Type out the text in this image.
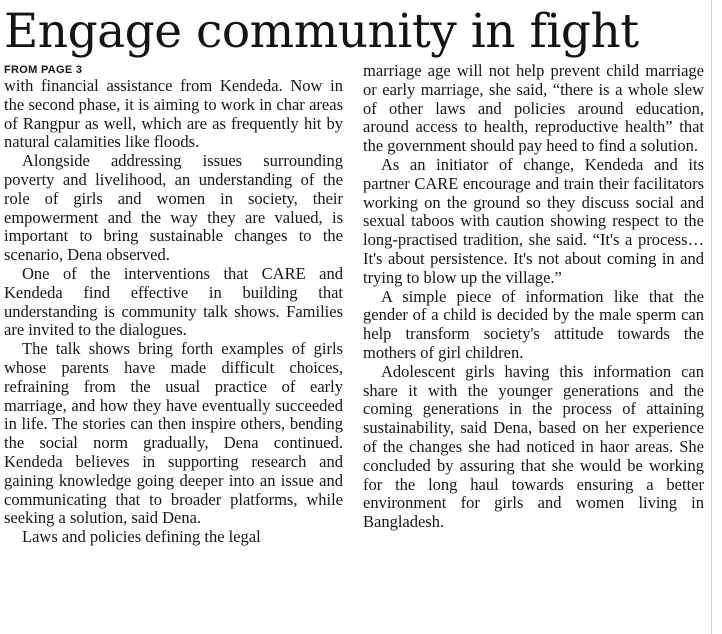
Engage community in fight
FROM PAGE 3

with financial assistance from Kendeda. Now in the second phase, it is aiming to work in char areas of Rangpur as well, which are as frequently hit by natural calamities like floods.

Alongside addressing issues surrounding poverty and livelihood, an understanding of the role of girls and women in society, their empowerment and the way they are valued, is important to bring sustainable changes to the scenario, Dena observed.

One of the interventions that CARE and Kendeda find effective in building that understanding is community talk shows. Families are invited to the dialogues.

The talk shows bring forth examples of girls whose parents have made difficult choices, refraining from the usual practice of early marriage, and how they have eventually succeeded in life. The stories can then inspire others, bending the social norm gradually, Dena continued. Kendeda believes in supporting research and gaining knowledge going deeper into an issue and communicating that to broader platforms, while seeking a solution, said Dena.

Laws and policies defining the legal

marriage age will not help prevent child marriage or early marriage, she said, “there is a whole slew of other laws and policies around education, around access to health, reproductive health” that the government should pay heed to find a solution.

As an initiator of change, Kendeda and its partner CARE encourage and train their facilitators working on the ground so they discuss social and sexual taboos with caution showing respect to the long-practised tradition, she said. “It's a process… It's about persistence. It's not about coming in and trying to blow up the village.”

A simple piece of information like that the gender of a child is decided by the male sperm can help transform society's attitude towards the mothers of girl children.

Adolescent girls having this information can share it with the younger generations and the coming generations in the process of attaining sustainability, said Dena, based on her experience of the changes she had noticed in haor areas. She concluded by assuring that she would be working for the long haul towards ensuring a better environment for girls and women living in Bangladesh.
